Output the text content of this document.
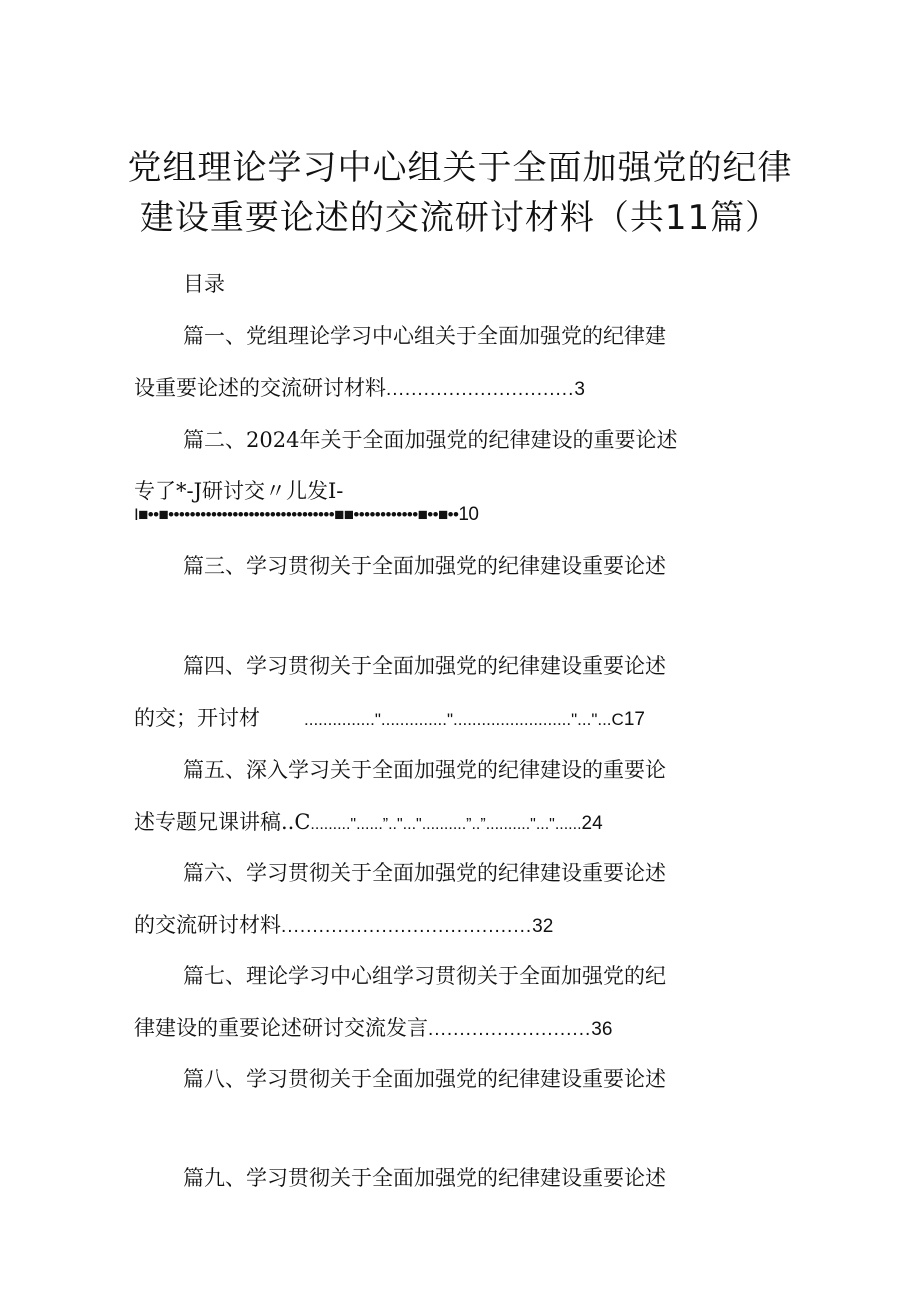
党组理论学习中心组关于全面加强党的纪律
建设重要论述的交流研讨材料（共11篇）
目录
篇一、党组理论学习中心组关于全面加强党的纪律建
设重要论述的交流研讨材料..............................3
篇二、2024年关于全面加强党的纪律建设的重要论述
专了*-J研讨交〃儿发I-
I■••■•••••••••••••••••••••••••••••••■■••••••••••••■••■••10
篇三、学习贯彻关于全面加强党的纪律建设重要论述
篇四、学习贯彻关于全面加强党的纪律建设重要论述
的交；开讨材	...............".............."........................."..."...C17
篇五、深入学习关于全面加强党的纪律建设的重要论
述专题兄课讲稿..C........."......”.."..."..........”..”.........."..."......24
篇六、学习贯彻关于全面加强党的纪律建设重要论述
的交流研讨材料........................................32
篇七、理论学习中心组学习贯彻关于全面加强党的纪
律建设的重要论述研讨交流发言..........................36
篇八、学习贯彻关于全面加强党的纪律建设重要论述
篇九、学习贯彻关于全面加强党的纪律建设重要论述
